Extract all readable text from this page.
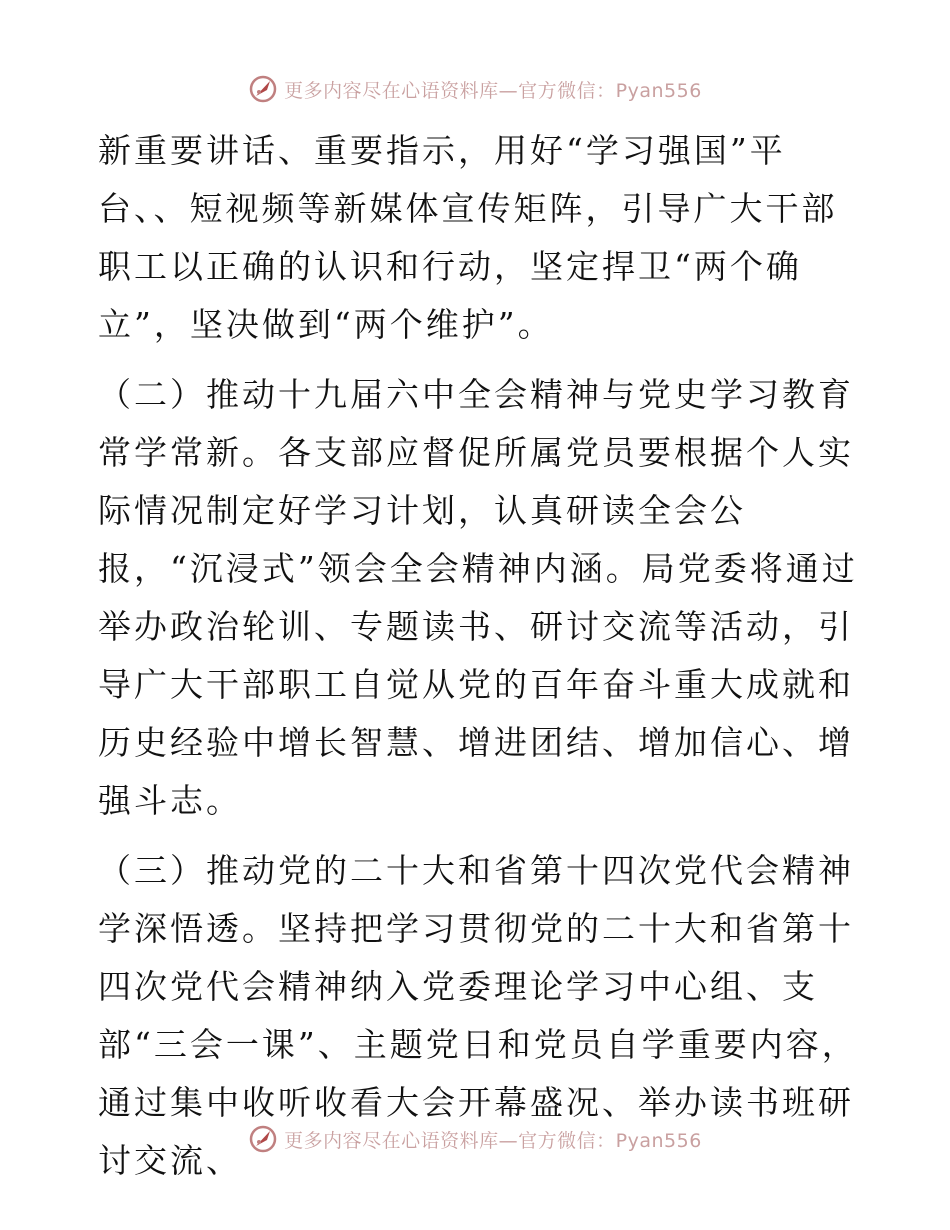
更多内容尽在心语资料库—官方微信：Pyan556

新重要讲话、重要指示，用好“学习强国”平台、、短视频等新媒体宣传矩阵，引导广大干部职工以正确的认识和行动，坚定捍卫“两个确立”，坚决做到“两个维护”。

（二）推动十九届六中全会精神与党史学习教育常学常新。各支部应督促所属党员要根据个人实际情况制定好学习计划，认真研读全会公报，“沉浸式”领会全会精神内涵。局党委将通过举办政治轮训、专题读书、研讨交流等活动，引导广大干部职工自觉从党的百年奋斗重大成就和历史经验中增长智慧、增进团结、增加信心、增强斗志。

（三）推动党的二十大和省第十四次党代会精神学深悟透。坚持把学习贯彻党的二十大和省第十四次党代会精神纳入党委理论学习中心组、支部“三会一课”、主题党日和党员自学重要内容，通过集中收听收看大会开幕盛况、举办读书班研讨交流、

更多内容尽在心语资料库—官方微信：Pyan556
